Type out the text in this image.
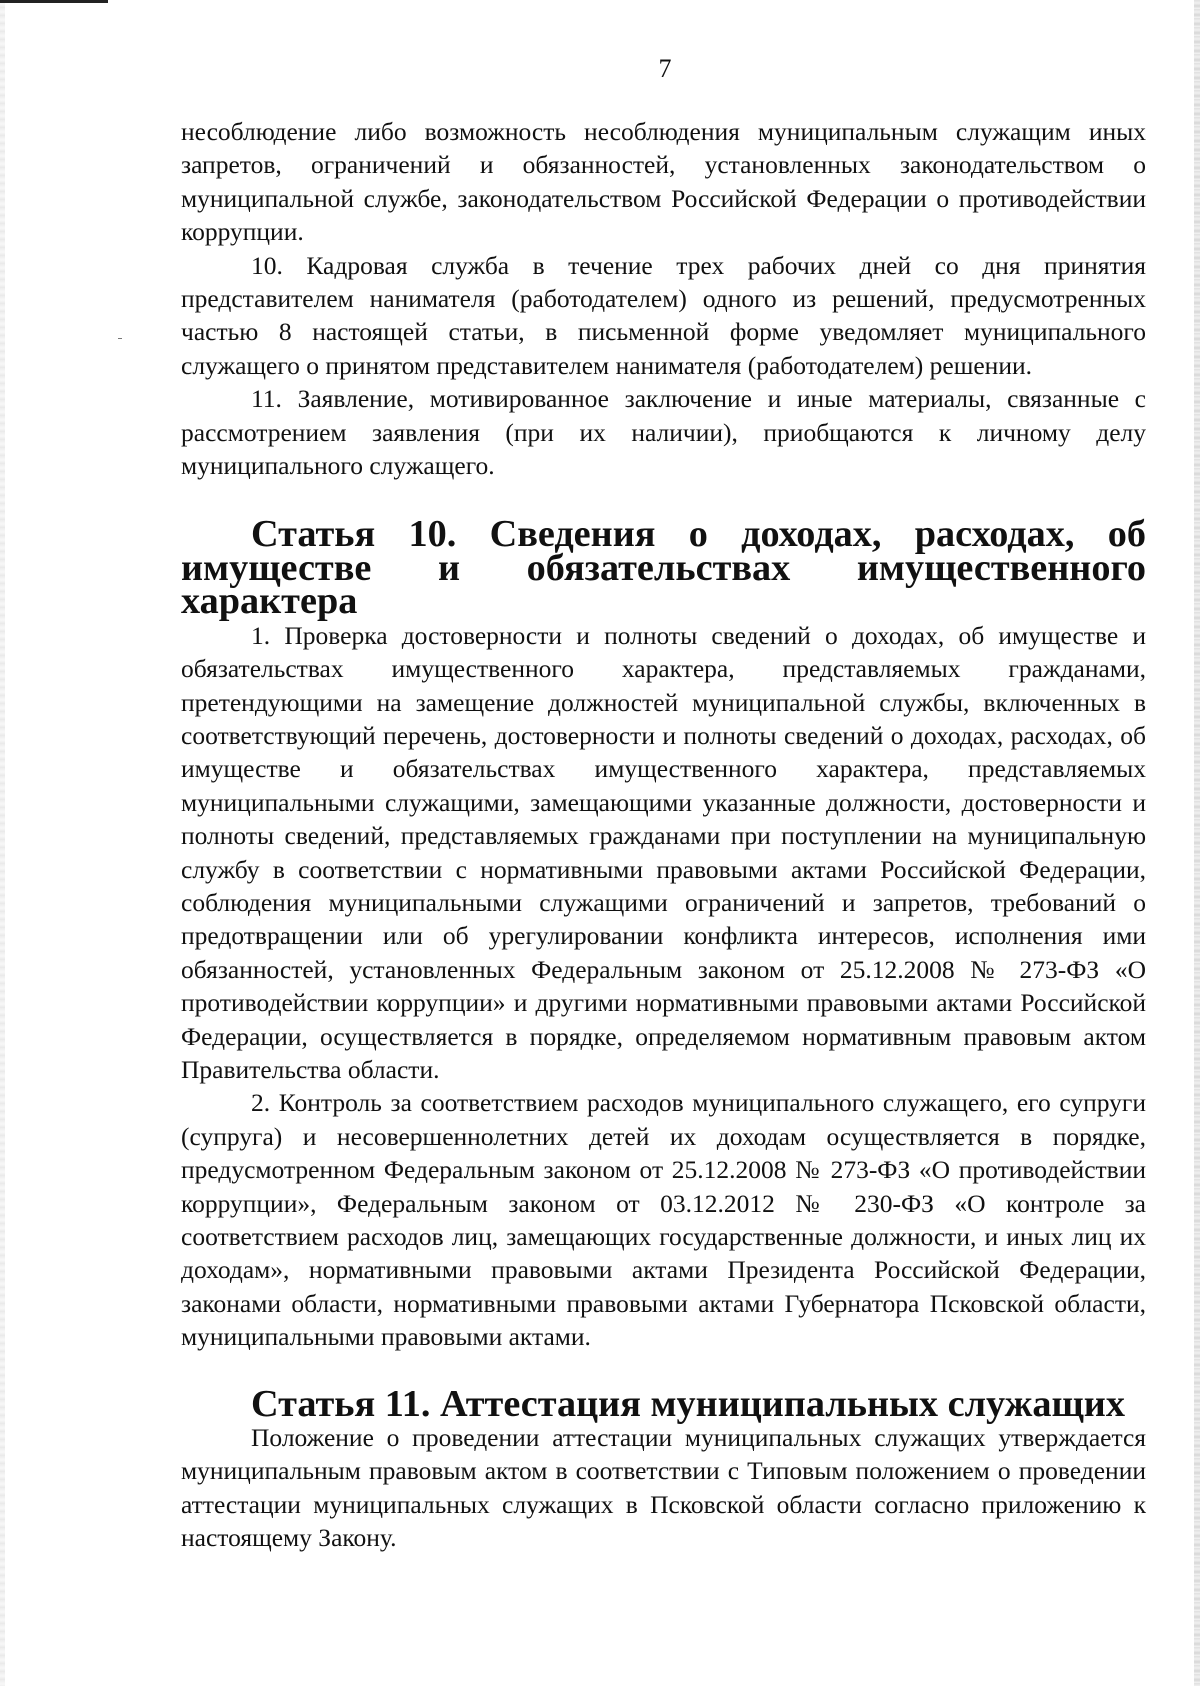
7

несоблюдение либо возможность несоблюдения муниципальным служащим иных запретов, ограничений и обязанностей, установленных законодательством о муниципальной службе, законодательством Российской Федерации о противодействии коррупции.

10. Кадровая служба в течение трех рабочих дней со дня принятия представителем нанимателя (работодателем) одного из решений, предусмотренных частью 8 настоящей статьи, в письменной форме уведомляет муниципального служащего о принятом представителем нанимателя (работодателем) решении.

11. Заявление, мотивированное заключение и иные материалы, связанные с рассмотрением заявления (при их наличии), приобщаются к личному делу муниципального служащего.

Статья 10. Сведения о доходах, расходах, об имуществе и обязательствах имущественного характера

1. Проверка достоверности и полноты сведений о доходах, об имуществе и обязательствах имущественного характера, представляемых гражданами, претендующими на замещение должностей муниципальной службы, включенных в соответствующий перечень, достоверности и полноты сведений о доходах, расходах, об имуществе и обязательствах имущественного характера, представляемых муниципальными служащими, замещающими указанные должности, достоверности и полноты сведений, представляемых гражданами при поступлении на муниципальную службу в соответствии с нормативными правовыми актами Российской Федерации, соблюдения муниципальными служащими ограничений и запретов, требований о предотвращении или об урегулировании конфликта интересов, исполнения ими обязанностей, установленных Федеральным законом от 25.12.2008 № 273-ФЗ «О противодействии коррупции» и другими нормативными правовыми актами Российской Федерации, осуществляется в порядке, определяемом нормативным правовым актом Правительства области.

2. Контроль за соответствием расходов муниципального служащего, его супруги (супруга) и несовершеннолетних детей их доходам осуществляется в порядке, предусмотренном Федеральным законом от 25.12.2008 № 273-ФЗ «О противодействии коррупции», Федеральным законом от 03.12.2012 № 230-ФЗ «О контроле за соответствием расходов лиц, замещающих государственные должности, и иных лиц их доходам», нормативными правовыми актами Президента Российской Федерации, законами области, нормативными правовыми актами Губернатора Псковской области, муниципальными правовыми актами.

Статья 11. Аттестация муниципальных служащих

Положение о проведении аттестации муниципальных служащих утверждается муниципальным правовым актом в соответствии с Типовым положением о проведении аттестации муниципальных служащих в Псковской области согласно приложению к настоящему Закону.
